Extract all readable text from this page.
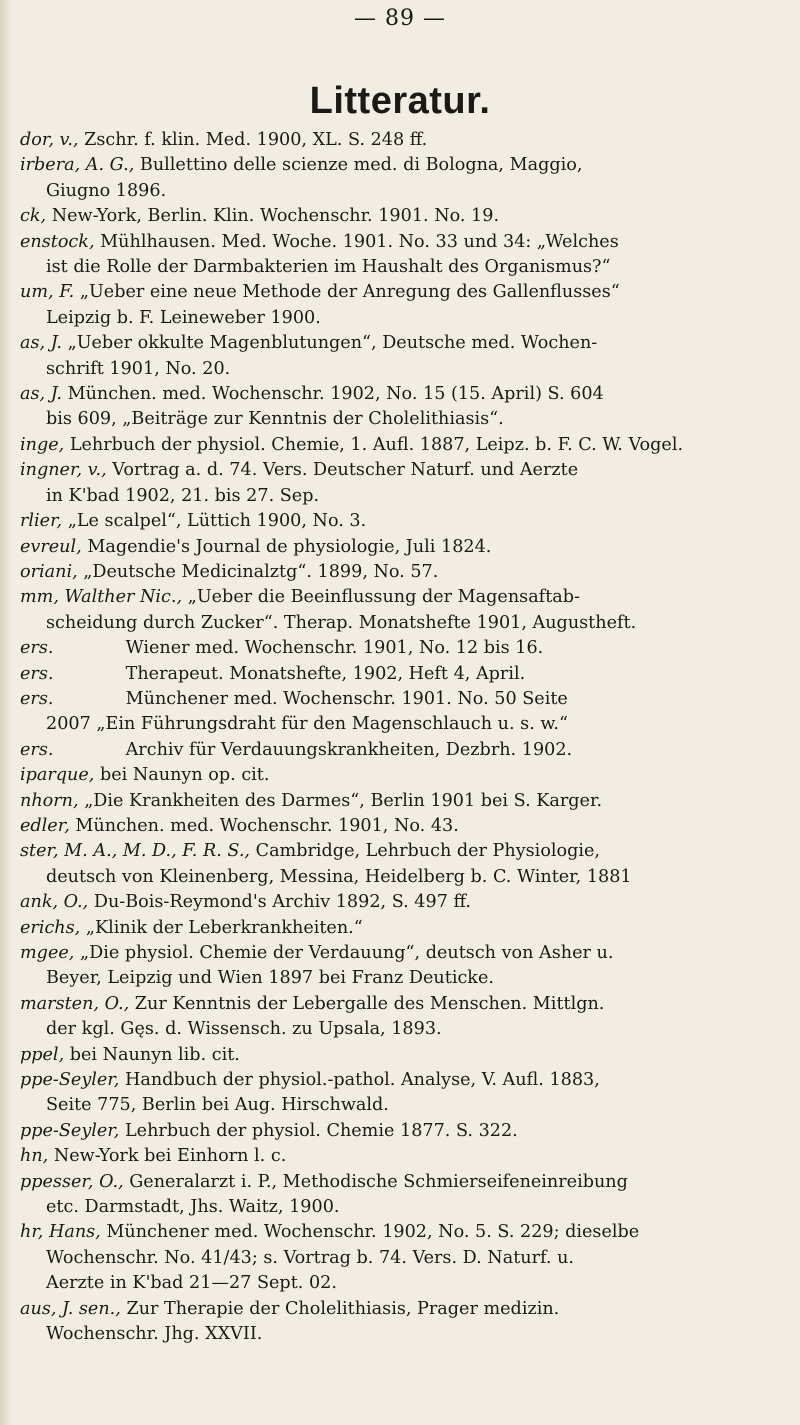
— 89 —
Litteratur.
dor, v., Zschr. f. klin. Med. 1900, XL. S. 248 ff.
irbera, A. G., Bullettino delle scienze med. di Bologna, Maggio,
Giugno 1896.
ck, New-York, Berlin. Klin. Wochenschr. 1901. No. 19.
enstock, Mühlhausen. Med. Woche. 1901. No. 33 und 34: „Welches
ist die Rolle der Darmbakterien im Haushalt des Organismus?“
um, F. „Ueber eine neue Methode der Anregung des Gallenflusses“
Leipzig b. F. Leineweber 1900.
as, J. „Ueber okkulte Magenblutungen“, Deutsche med. Wochen-
schrift 1901, No. 20.
as, J. München. med. Wochenschr. 1902, No. 15 (15. April) S. 604
bis 609, „Beiträge zur Kenntnis der Cholelithiasis“.
inge, Lehrbuch der physiol. Chemie, 1. Aufl. 1887, Leipz. b. F. C. W. Vogel.
ingner, v., Vortrag a. d. 74. Vers. Deutscher Naturf. und Aerzte
in K'bad 1902, 21. bis 27. Sep.
rlier, „Le scalpel“, Lüttich 1900, No. 3.
evreul, Magendie's Journal de physiologie, Juli 1824.
oriani, „Deutsche Medicinalztg“. 1899, No. 57.
mm, Walther Nic., „Ueber die Beeinflussung der Magensaftab-
scheidung durch Zucker“. Therap. Monatshefte 1901, Augustheft.
ers.	Wiener med. Wochenschr. 1901, No. 12 bis 16.
ers.	Therapeut. Monatshefte, 1902, Heft 4, April.
ers.	Münchener med. Wochenschr. 1901. No. 50 Seite
2007 „Ein Führungsdraht für den Magenschlauch u. s. w.“
ers.	Archiv für Verdauungskrankheiten, Dezbrh. 1902.
iparque, bei Naunyn op. cit.
nhorn, „Die Krankheiten des Darmes“, Berlin 1901 bei S. Karger.
edler, München. med. Wochenschr. 1901, No. 43.
ster, M. A., M. D., F. R. S., Cambridge, Lehrbuch der Physiologie,
deutsch von Kleinenberg, Messina, Heidelberg b. C. Winter, 1881
ank, O., Du-Bois-Reymond's Archiv 1892, S. 497 ff.
erichs, „Klinik der Leberkrankheiten.“
mgee, „Die physiol. Chemie der Verdauung“, deutsch von Asher u.
Beyer, Leipzig und Wien 1897 bei Franz Deuticke.
marsten, O., Zur Kenntnis der Lebergalle des Menschen. Mittlgn.
der kgl. Gęs. d. Wissensch. zu Upsala, 1893.
ppel, bei Naunyn lib. cit.
ppe-Seyler, Handbuch der physiol.-pathol. Analyse, V. Aufl. 1883,
Seite 775, Berlin bei Aug. Hirschwald.
ppe-Seyler, Lehrbuch der physiol. Chemie 1877. S. 322.
hn, New-York bei Einhorn l. c.
ppesser, O., Generalarzt i. P., Methodische Schmierseifeneinreibung
etc. Darmstadt, Jhs. Waitz, 1900.
hr, Hans, Münchener med. Wochenschr. 1902, No. 5. S. 229; dieselbe
Wochenschr. No. 41/43; s. Vortrag b. 74. Vers. D. Naturf. u.
Aerzte in K'bad 21—27 Sept. 02.
aus, J. sen., Zur Therapie der Cholelithiasis, Prager medizin.
Wochenschr. Jhg. XXVII.
